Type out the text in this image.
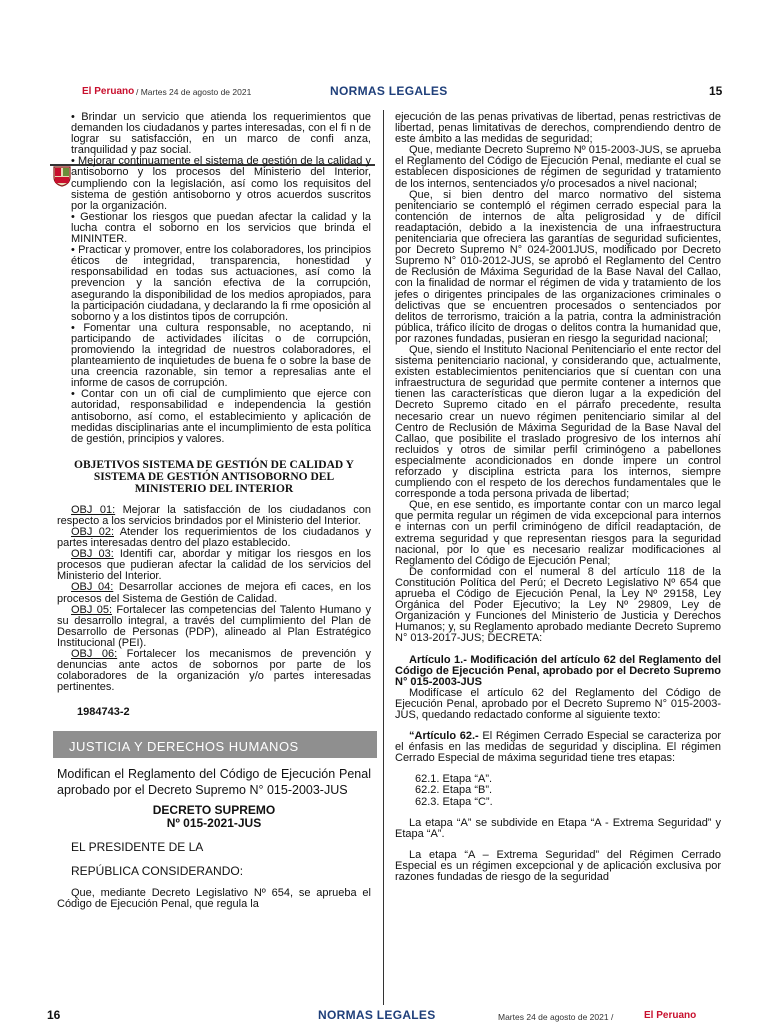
El Peruano / Martes 24 de agosto de 2021	NORMAS LEGALES	15

• Brindar un servicio que atienda los requerimientos que demanden los ciudadanos y partes interesadas, con el fi n de lograr su satisfacción, en un marco de confi anza, tranquilidad y paz social.

• Mejorar continuamente el sistema de gestión de la calidad y antisoborno y los procesos del Ministerio del Interior, cumpliendo con la legislación, así como los requisitos del sistema de gestión antisoborno y otros acuerdos suscritos por la organización.

• Gestionar los riesgos que puedan afectar la calidad y la lucha contra el soborno en los servicios que brinda el MININTER.

• Practicar y promover, entre los colaboradores, los principios éticos de integridad, transparencia, honestidad y responsabilidad en todas sus actuaciones, así como la prevencion y la sanción efectiva de la corrupción, asegurando la disponibilidad de los medios apropiados, para la participación ciudadana, y declarando la fi rme oposición al soborno y a los distintos tipos de corrupción.

• Fomentar una cultura responsable, no aceptando, ni participando de actividades ilícitas o de corrupción, promoviendo la integridad de nuestros colaboradores, el planteamiento de inquietudes de buena fe o sobre la base de una creencia razonable, sin temor a represalias ante el informe de casos de corrupción.

• Contar con un ofi cial de cumplimiento que ejerce con autoridad, responsabilidad e independencia la gestión antisoborno, así como, el establecimiento y aplicación de medidas disciplinarias ante el incumplimiento de esta política de gestión, principios y valores.

OBJETIVOS SISTEMA DE GESTIÓN DE CALIDAD Y SISTEMA DE GESTIÓN ANTISOBORNO DEL MINISTERIO DEL INTERIOR

OBJ 01: Mejorar la satisfacción de los ciudadanos con respecto a los servicios brindados por el Ministerio del Interior.

OBJ 02: Atender los requerimientos de los ciudadanos y partes interesadas dentro del plazo establecido.

OBJ 03: Identifi car, abordar y mitigar los riesgos en los procesos que pudieran afectar la calidad de los servicios del Ministerio del Interior.

OBJ 04: Desarrollar acciones de mejora efi caces, en los procesos del Sistema de Gestión de Calidad.

OBJ 05: Fortalecer las competencias del Talento Humano y su desarrollo integral, a través del cumplimiento del Plan de Desarrollo de Personas (PDP), alineado al Plan Estratégico Institucional (PEI).

OBJ 06: Fortalecer los mecanismos de prevención y denuncias ante actos de sobornos por parte de los colaboradores de la organización y/o partes interesadas pertinentes.

1984743-2
JUSTICIA Y DERECHOS HUMANOS

Modifican el Reglamento del Código de Ejecución Penal aprobado por el Decreto Supremo N° 015-2003-JUS

DECRETO SUPREMO
Nº 015-2021-JUS

EL PRESIDENTE DE LA

REPÚBLICA CONSIDERANDO:

Que, mediante Decreto Legislativo Nº 654, se aprueba el Código de Ejecución Penal, que regula la

ejecución de las penas privativas de libertad, penas restrictivas de libertad, penas limitativas de derechos, comprendiendo dentro de este ámbito a las medidas de seguridad;

Que, mediante Decreto Supremo Nº 015-2003-JUS, se aprueba el Reglamento del Código de Ejecución Penal, mediante el cual se establecen disposiciones de régimen de seguridad y tratamiento de los internos, sentenciados y/o procesados a nivel nacional;

Que, si bien dentro del marco normativo del sistema penitenciario se contempló el régimen cerrado especial para la contención de internos de alta peligrosidad y de difícil readaptación, debido a la inexistencia de una infraestructura penitenciaria que ofreciera las garantías de seguridad suficientes, por Decreto Supremo N° 024-2001JUS, modificado por Decreto Supremo N° 010-2012-JUS, se aprobó el Reglamento del Centro de Reclusión de Máxima Seguridad de la Base Naval del Callao, con la finalidad de normar el régimen de vida y tratamiento de los jefes o dirigentes principales de las organizaciones criminales o delictivas que se encuentren procesados o sentenciados por delitos de terrorismo, traición a la patria, contra la administración pública, tráfico ilícito de drogas o delitos contra la humanidad que, por razones fundadas, pusieran en riesgo la seguridad nacional;

Que, siendo el Instituto Nacional Penitenciario el ente rector del sistema penitenciario nacional, y considerando que, actualmente, existen establecimientos penitenciarios que sí cuentan con una infraestructura de seguridad que permite contener a internos que tienen las características que dieron lugar a la expedición del Decreto Supremo citado en el párrafo precedente, resulta necesario crear un nuevo régimen penitenciario similar al del Centro de Reclusión de Máxima Seguridad de la Base Naval del Callao, que posibilite el traslado progresivo de los internos ahí recluidos y otros de similar perfil criminógeno a pabellones especialmente acondicionados en donde impere un control reforzado y disciplina estricta para los internos, siempre cumpliendo con el respeto de los derechos fundamentales que le corresponde a toda persona privada de libertad;

Que, en ese sentido, es importante contar con un marco legal que permita regular un régimen de vida excepcional para internos e internas con un perfil criminógeno de difícil readaptación, de extrema seguridad y que representan riesgos para la seguridad nacional, por lo que es necesario realizar modificaciones al Reglamento del Código de Ejecución Penal;

De conformidad con el numeral 8 del artículo 118 de la Constitución Política del Perú; el Decreto Legislativo Nº 654 que aprueba el Código de Ejecución Penal, la Ley Nº 29158, Ley Orgánica del Poder Ejecutivo; la Ley Nº 29809, Ley de Organización y Funciones del Ministerio de Justicia y Derechos Humanos; y, su Reglamento aprobado mediante Decreto Supremo N° 013-2017-JUS; DECRETA:

Artículo 1.- Modificación del artículo 62 del Reglamento del Código de Ejecución Penal, aprobado por el Decreto Supremo N° 015-2003-JUS

Modifícase el artículo 62 del Reglamento del Código de Ejecución Penal, aprobado por el Decreto Supremo N° 015-2003-JUS, quedando redactado conforme al siguiente texto:

“Artículo 62.- El Régimen Cerrado Especial se caracteriza por el énfasis en las medidas de seguridad y disciplina. El régimen Cerrado Especial de máxima seguridad tiene tres etapas:

62.1. Etapa “A”.

62.2. Etapa “B”.

62.3. Etapa “C”.

La etapa “A” se subdivide en Etapa “A - Extrema Seguridad” y Etapa “A”.

La etapa “A – Extrema Seguridad” del Régimen Cerrado Especial es un régimen excepcional y de aplicación exclusiva por razones fundadas de riesgo de la seguridad

16	NORMAS LEGALES	Martes 24 de agosto de 2021 /	El Peruano
